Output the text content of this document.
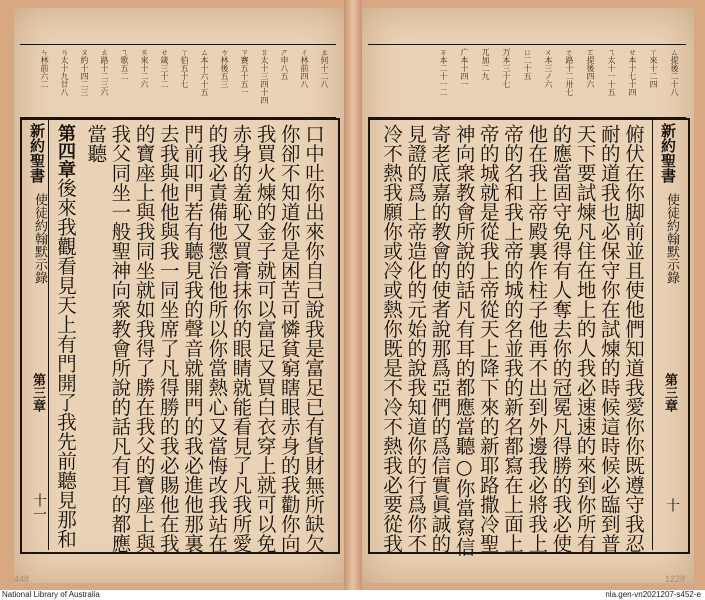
ㄙ提後二十八
ㄚ來十二四
ㄝ本十七十四
ㄟ太十一十五
ㄛ提後四六
ㄜ路十二卅七
ㄨ本三ノ六
ㄩ二十五
ㄪ本三十七
ㄫ加二九
ㄬ本十四一
ㄭ本二十一二
新約聖書
使徒約翰默示錄
第三章
十
俯伏在你脚前並且使他們知道我愛你你既遵守我忍
耐的道我也必保守你在試煉的時候這時候必臨到普
天下要試煉凡住在地上的人我必速速的來到你所有
的應當固守免得有人奪去你的冠冕凡得勝的我必使
他在我上帝殿裏作柱子他再不出到外邊我必將我上
帝的名和我上帝的城的名並我的新名都寫在上面上
帝的城就是從我上帝從天上降下來的新耶路撒冷聖
神向衆教會所說的話凡有耳的都應當聽○你當寫信
寄老底嘉的教會的使者說那爲亞們的爲信實眞誠的
見證的爲上帝造化的元始的說我知道你的行爲你不
冷不熱我願你或冷或熱你既是不冷不熱我必要從我
ㄓ何十二八
ㄔ林前四八
ㄕ申八五
ㄖ太十三四十四
ㄗ賽五十五一
ㄘ林後五三
ㄙ本十六十五
ㄚ伯五十七
ㄝ箴三十二
ㄞ來十二六
ㄟ歌五二
ㄠ路十二三六
ㄡ約十四二三
ㄢ太十九廿八
ㄣ林前六二
新約聖書
使徒約翰默示錄
第三章
十一	口中吐你出來你自己說我是富足已有貨財無所缺欠
你卻不知道你是困苦可憐貧窮瞎眼赤身的我勸你向
我買火煉的金子就可以富足又買白衣穿上就可以免
赤身的羞恥又買膏抹你的眼睛就能看見了凡我所愛
的我必責備他懲治他所以你當熱心又當悔改我站在
門前叩門若有聽見我的聲音就開門的我必進他那裏
去我與他他與我一同坐席了凡得勝的我必賜他在我
的寶座上與我同坐就如我得了勝在我父的寶座上與
我父同坐一般聖神向衆教會所說的話凡有耳的都應
當聽
第四章後來我觀看見天上有門開了我先前聽見那和
448	1228
National Library of Australia	nla.gen-vn2021207-s452-e
